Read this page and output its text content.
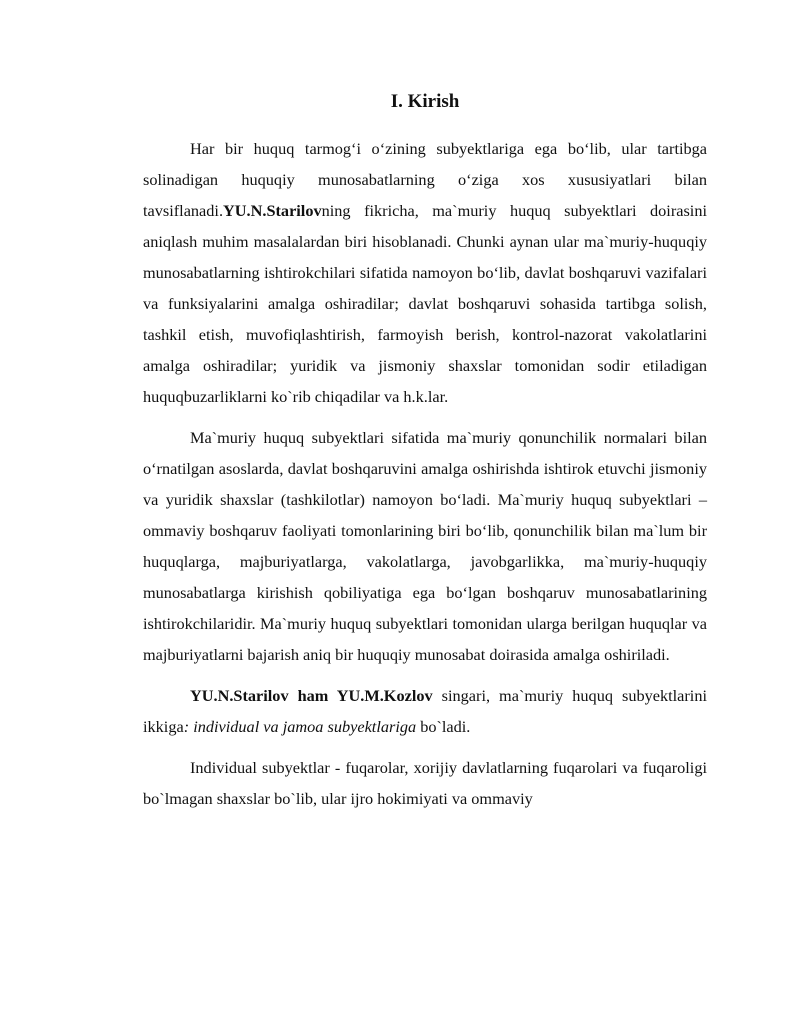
I. Kirish

Har bir huquq tarmog‘i o‘zining subyektlariga ega bo‘lib, ular tartibga solinadigan huquqiy munosabatlarning o‘ziga xos xususiyatlari bilan tavsiflanadi.YU.N.Starilovning fikricha, ma`muriy huquq subyektlari doirasini aniqlash muhim masalalardan biri hisoblanadi. Chunki aynan ular ma`muriy-huquqiy munosabatlarning ishtirokchilari sifatida namoyon bo‘lib, davlat boshqaruvi vazifalari va funksiyalarini amalga oshiradilar; davlat boshqaruvi sohasida tartibga solish, tashkil etish, muvofiqlashtirish, farmoyish berish, kontrol-nazorat vakolatlarini amalga oshiradilar; yuridik va jismoniy shaxslar tomonidan sodir etiladigan huquqbuzarliklarni ko`rib chiqadilar va h.k.lar.

Ma`muriy huquq subyektlari sifatida ma`muriy qonunchilik normalari bilan o‘rnatilgan asoslarda, davlat boshqaruvini amalga oshirishda ishtirok etuvchi jismoniy va yuridik shaxslar (tashkilotlar) namoyon bo‘ladi. Ma`muriy huquq subyektlari – ommaviy boshqaruv faoliyati tomonlarining biri bo‘lib, qonunchilik bilan ma`lum bir huquqlarga, majburiyatlarga, vakolatlarga, javobgarlikka, ma`muriy-huquqiy munosabatlarga kirishish qobiliyatiga ega bo‘lgan boshqaruv munosabatlarining ishtirokchilaridir. Ma`muriy huquq subyektlari tomonidan ularga berilgan huquqlar va majburiyatlarni bajarish aniq bir huquqiy munosabat doirasida amalga oshiriladi.

YU.N.Starilov ham YU.M.Kozlov singari, ma`muriy huquq subyektlarini ikkiga: individual va jamoa subyektlariga bo`ladi.

Individual subyektlar - fuqarolar, xorijiy davlatlarning fuqarolari va fuqaroligi bo`lmagan shaxslar bo`lib, ular ijro hokimiyati va ommaviy
